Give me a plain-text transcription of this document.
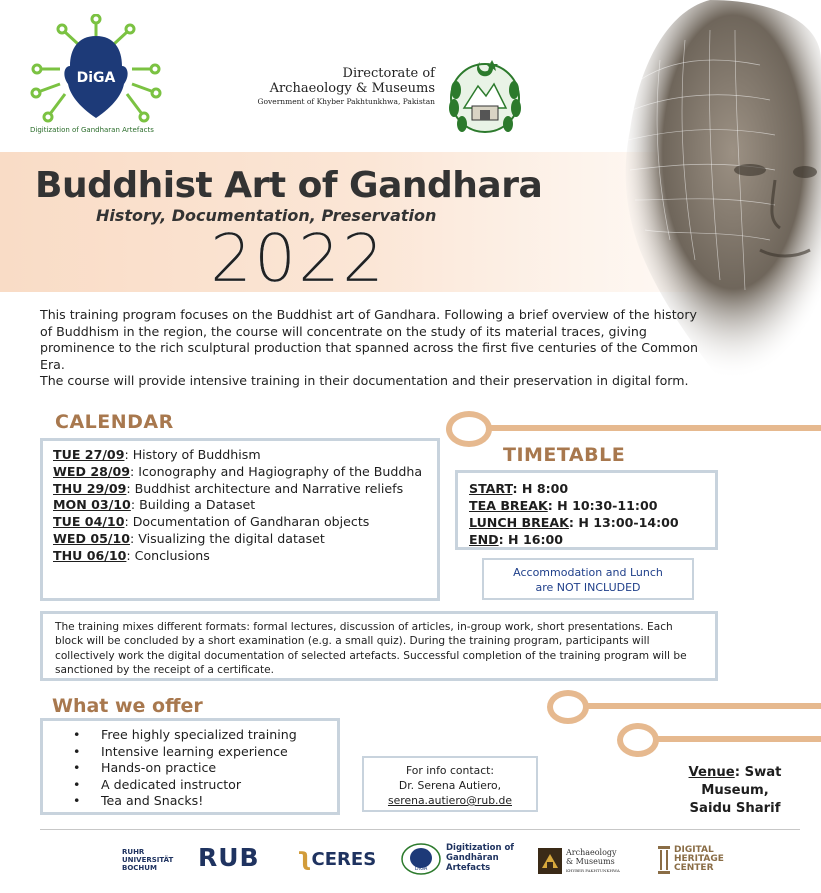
DiGA
Digitization of Gandharan Artefacts
Directorate of
Archaeology & Museums
Government of Khyber Pakhtunkhwa, Pakistan
Buddhist Art of Gandhara
History, Documentation, Preservation
2022

This training program focuses on the Buddhist art of Gandhara. Following a brief overview of the history of Buddhism in the region, the course will concentrate on the study of its material traces, giving prominence to the rich sculptural production that spanned across the first five centuries of the Common Era.

The course will provide intensive training in their documentation and their preservation in digital form.

CALENDAR
TUE 27/09: History of Buddhism
WED 28/09: Iconography and Hagiography of the Buddha
THU 29/09: Buddhist architecture and Narrative reliefs
MON 03/10: Building a Dataset
TUE 04/10: Documentation of Gandharan objects
WED 05/10: Visualizing the digital dataset
THU 06/10: Conclusions
TIMETABLE
START: H 8:00
TEA BREAK: H 10:30-11:00
LUNCH BREAK: H 13:00-14:00
END: H 16:00
Accommodation and Lunch
are NOT INCLUDED
The training mixes different formats: formal lectures, discussion of articles, in-group work, short presentations. Each block will be concluded by a short examination (e.g. a small quiz). During the training program, participants will collectively work the digital documentation of selected artefacts. Successful completion of the training program will be sanctioned by the receipt of a certificate.
What we offer
• Free highly specialized training
• Intensive learning experience
• Hands-on practice
• A dedicated instructor
• Tea and Snacks!
For info contact:
Dr. Serena Autiero,
serena.autiero@rub.de
Venue: Swat
Museum,
Saidu Sharif
RUHR
UNIVERSITÄT
BOCHUM	RUB ʅCERES	DiGA
Digitization of
Gandhāran
Artefacts
Archaeology
& Museums
KHYBER PAKHTUNKHWA
DIGITAL
HERITAGE
CENTER
